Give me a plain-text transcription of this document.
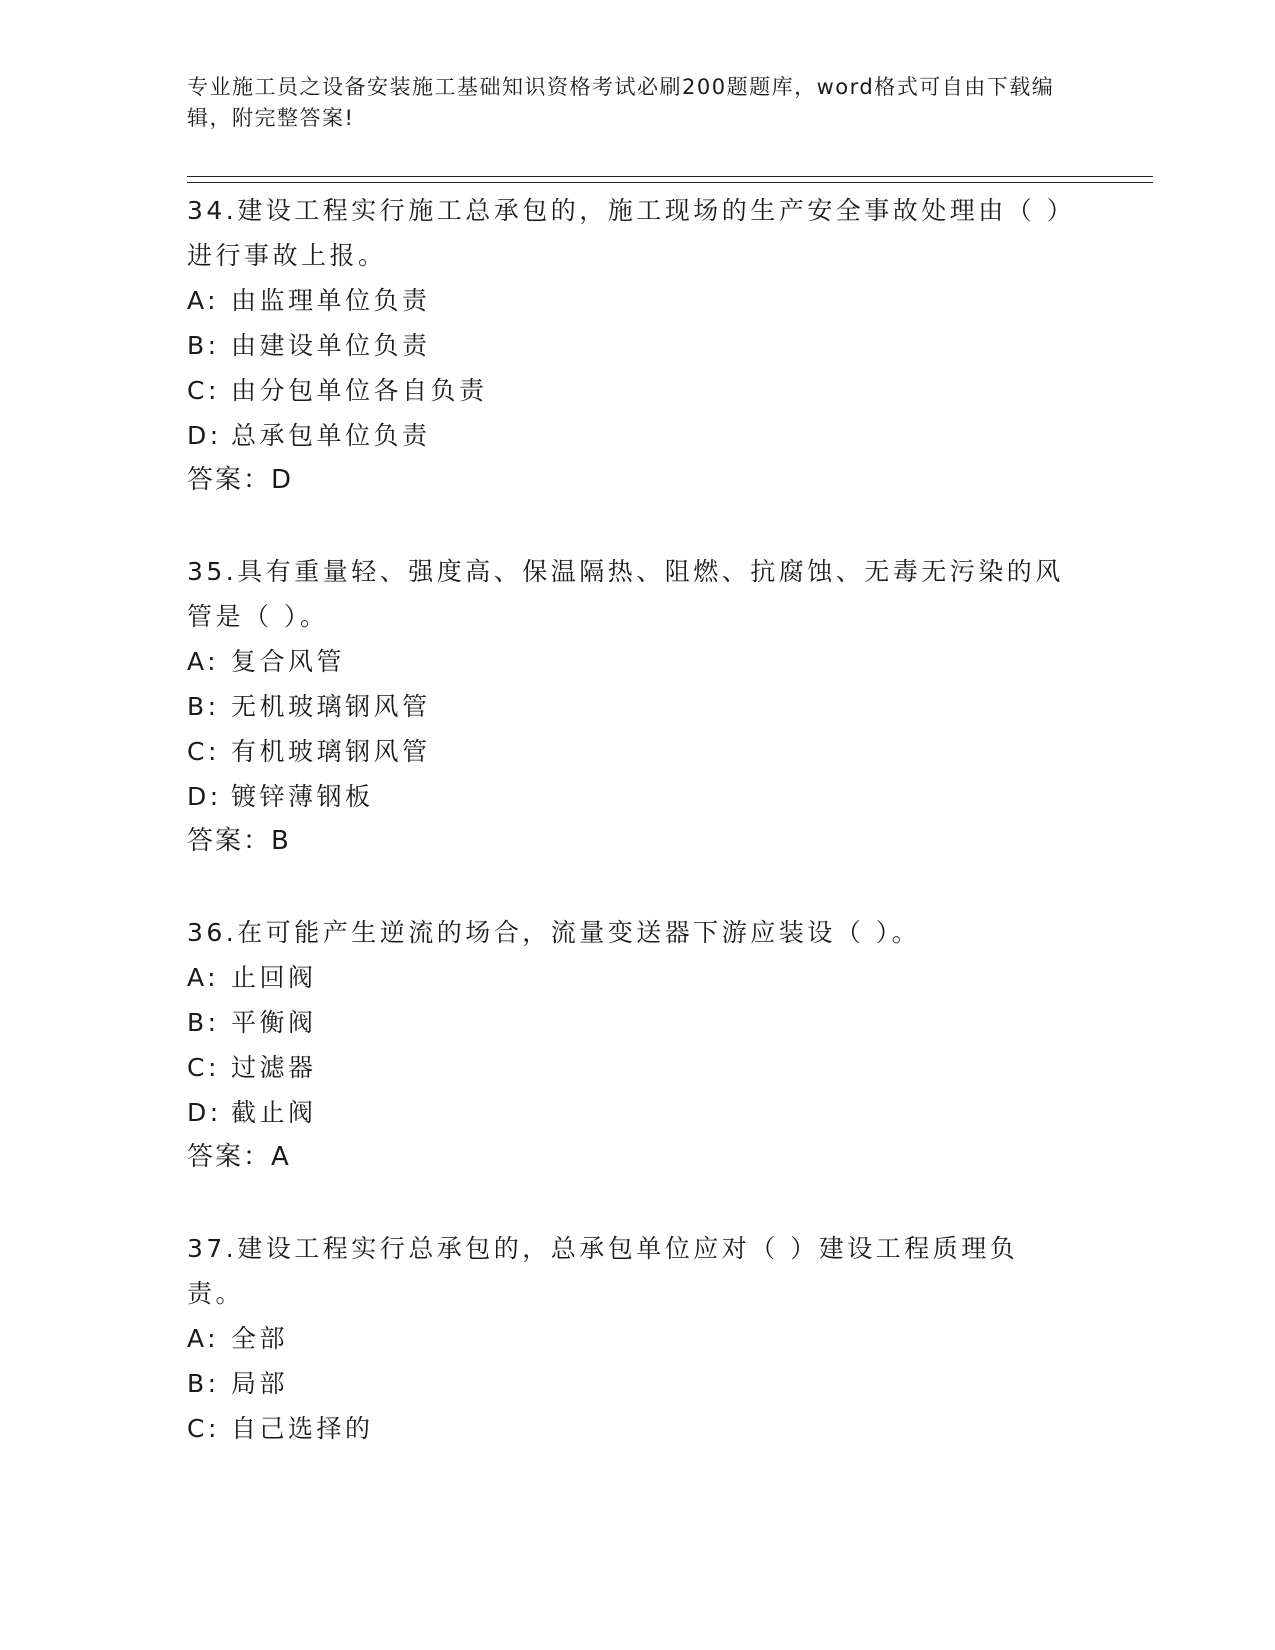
专业施工员之设备安装施工基础知识资格考试必刷200题题库，word格式可自由下载编辑，附完整答案!

34.建设工程实行施工总承包的，施工现场的生产安全事故处理由（ ）进行事故上报。

A: 由监理单位负责

B: 由建设单位负责

C: 由分包单位各自负责

D: 总承包单位负责

答案：D

35.具有重量轻、强度高、保温隔热、阻燃、抗腐蚀、无毒无污染的风管是（ ）。

A: 复合风管

B: 无机玻璃钢风管

C: 有机玻璃钢风管

D: 镀锌薄钢板

答案：B

36.在可能产生逆流的场合，流量变送器下游应装设（ ）。

A: 止回阀

B: 平衡阀

C: 过滤器

D: 截止阀

答案：A

37.建设工程实行总承包的，总承包单位应对（ ）建设工程质理负责。

A: 全部

B: 局部

C: 自己选择的
